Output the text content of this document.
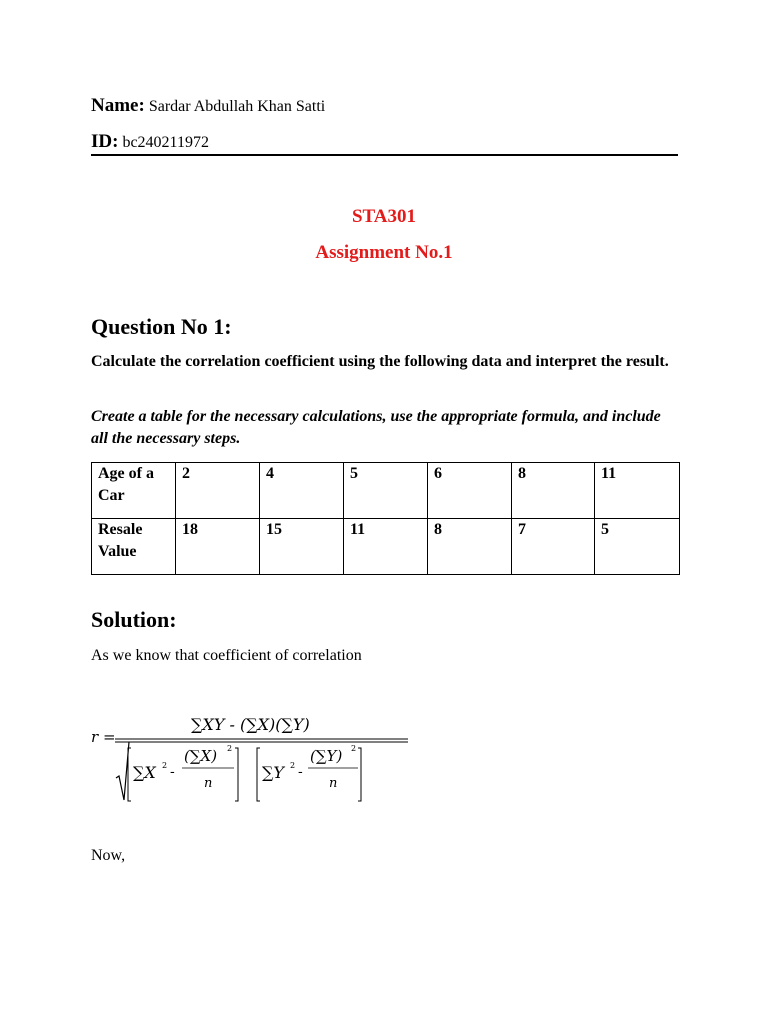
Name: Sardar Abdullah Khan Satti
ID: bc240211972
STA301
Assignment No.1
Question No 1:
Calculate the correlation coefficient using the following data and interpret the result.
Create a table for the necessary calculations, use the appropriate formula, and include all the necessary steps.
Age of a Car	2	4	5	6	8	11
Resale Value	18	15	11	8	7	5
Solution:
As we know that coefficient of correlation
r =
∑XY - (∑X)(∑Y)
∑X 2 -
(∑X) 2
n
∑Y 2 -
(∑Y) 2
n
Now,
